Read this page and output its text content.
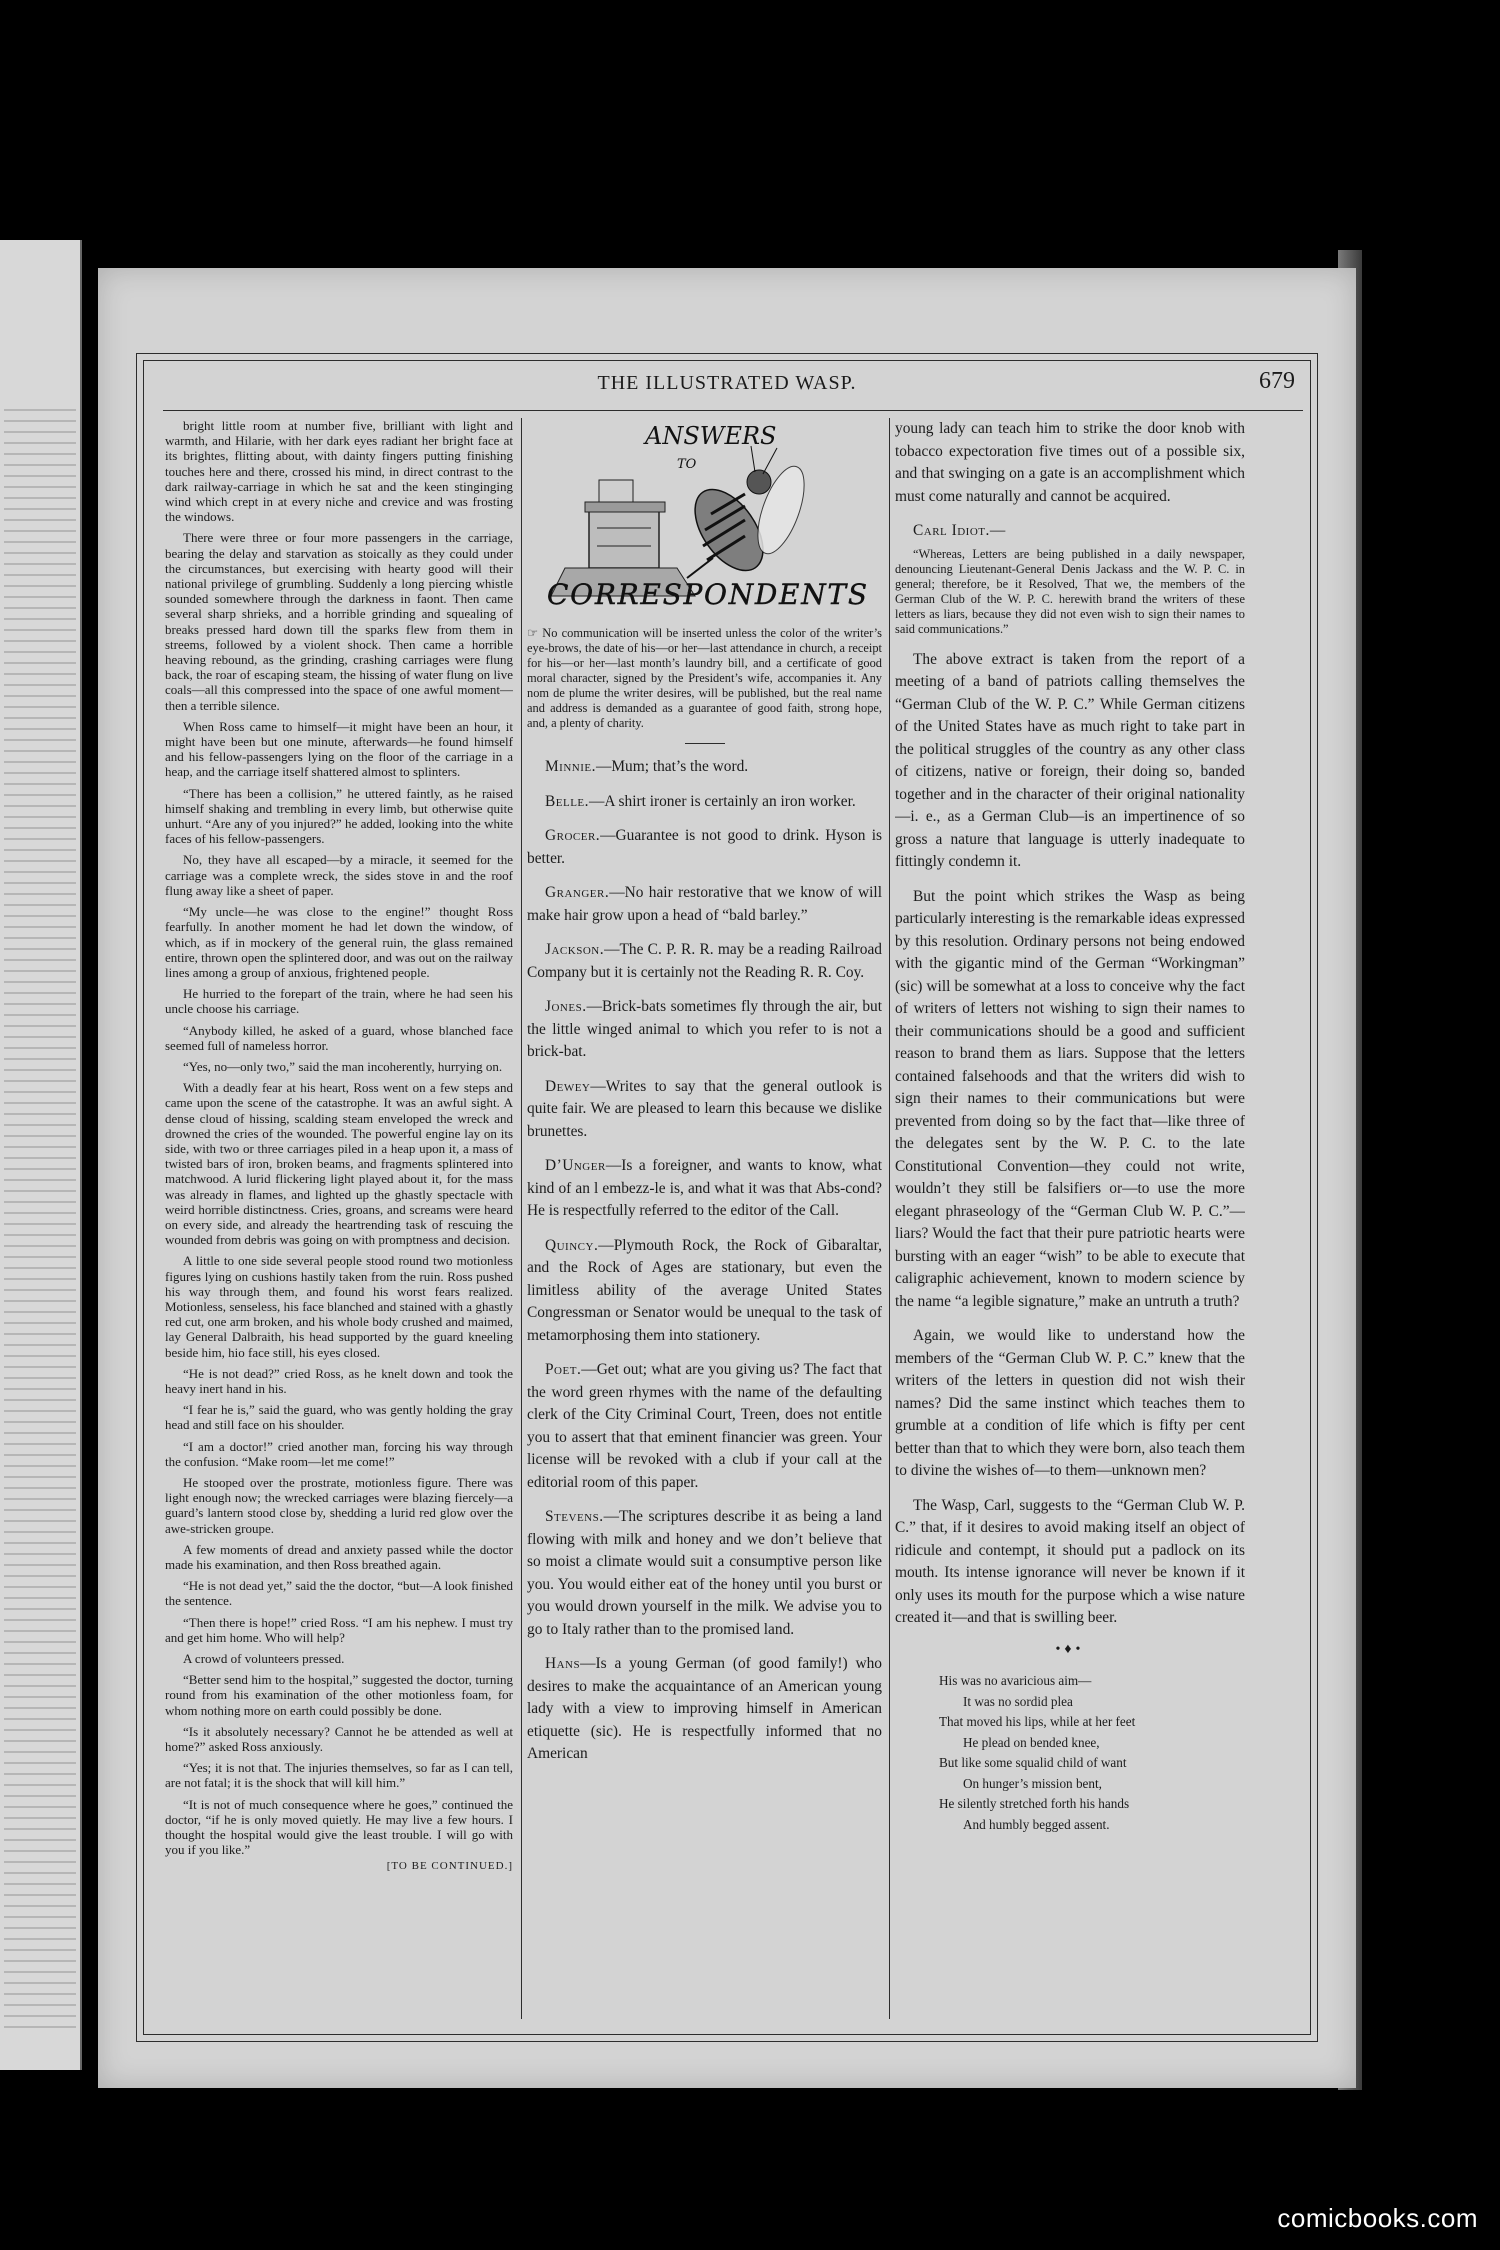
THE ILLUSTRATED WASP.	679

bright little room at number five, brilliant with light and warmth, and Hilarie, with her dark eyes radiant her bright face at its brightes, flitting about, with dainty fingers putting finishing touches here and there, crossed his mind, in direct contrast to the dark railway-carriage in which he sat and the keen stinginging wind which crept in at every niche and crevice and was frosting the windows.

There were three or four more passengers in the carriage, bearing the delay and starvation as stoically as they could under the circumstances, but exercising with hearty good will their national privilege of grumbling. Suddenly a long piercing whistle sounded somewhere through the darkness in faont. Then came several sharp shrieks, and a horrible grinding and squealing of breaks pressed hard down till the sparks flew from them in streems, followed by a violent shock. Then came a horrible heaving rebound, as the grinding, crashing carriages were flung back, the roar of escaping steam, the hissing of water flung on live coals—all this compressed into the space of one awful moment—then a terrible silence.

When Ross came to himself—it might have been an hour, it might have been but one minute, afterwards—he found himself and his fellow-passengers lying on the floor of the carriage in a heap, and the carriage itself shattered almost to splinters.

“There has been a collision,” he uttered faintly, as he raised himself shaking and trembling in every limb, but otherwise quite unhurt. “Are any of you injured?” he added, looking into the white faces of his fellow-passengers.

No, they have all escaped—by a miracle, it seemed for the carriage was a complete wreck, the sides stove in and the roof flung away like a sheet of paper.

“My uncle—he was close to the engine!” thought Ross fearfully. In another moment he had let down the window, of which, as if in mockery of the general ruin, the glass remained entire, thrown open the splintered door, and was out on the railway lines among a group of anxious, frightened people.

He hurried to the forepart of the train, where he had seen his uncle choose his carriage.

“Anybody killed, he asked of a guard, whose blanched face seemed full of nameless horror.

“Yes, no—only two,” said the man incoherently, hurrying on.

With a deadly fear at his heart, Ross went on a few steps and came upon the scene of the catastrophe. It was an awful sight. A dense cloud of hissing, scalding steam enveloped the wreck and drowned the cries of the wounded. The powerful engine lay on its side, with two or three carriages piled in a heap upon it, a mass of twisted bars of iron, broken beams, and fragments splintered into matchwood. A lurid flickering light played about it, for the mass was already in flames, and lighted up the ghastly spectacle with weird horrible distinctness. Cries, groans, and screams were heard on every side, and already the heartrending task of rescuing the wounded from debris was going on with promptness and decision.

A little to one side several people stood round two motionless figures lying on cushions hastily taken from the ruin. Ross pushed his way through them, and found his worst fears realized. Motionless, senseless, his face blanched and stained with a ghastly red cut, one arm broken, and his whole body crushed and maimed, lay General Dalbraith, his head supported by the guard kneeling beside him, hio face still, his eyes closed.

“He is not dead?” cried Ross, as he knelt down and took the heavy inert hand in his.

“I fear he is,” said the guard, who was gently holding the gray head and still face on his shoulder.

“I am a doctor!” cried another man, forcing his way through the confusion. “Make room—let me come!”

He stooped over the prostrate, motionless figure. There was light enough now; the wrecked carriages were blazing fiercely—a guard’s lantern stood close by, shedding a lurid red glow over the awe-stricken groupe.

A few moments of dread and anxiety passed while the doctor made his examination, and then Ross breathed again.

“He is not dead yet,” said the the doctor, “but—A look finished the sentence.

“Then there is hope!” cried Ross. “I am his nephew. I must try and get him home. Who will help?

A crowd of volunteers pressed.

“Better send him to the hospital,” suggested the doctor, turning round from his examination of the other motionless foam, for whom nothing more on earth could possibly be done.

“Is it absolutely necessary? Cannot he be attended as well at home?” asked Ross anxiously.

“Yes; it is not that. The injuries themselves, so far as I can tell, are not fatal; it is the shock that will kill him.”

“It is not of much consequence where he goes,” continued the doctor, “if he is only moved quietly. He may live a few hours. I thought the hospital would give the least trouble. I will go with you if you like.”

[TO BE CONTINUED.]
ANSWERS
TO
CORRESPONDENTS

☞ No communication will be inserted unless the color of the writer’s eye-brows, the date of his—or her—last attendance in church, a receipt for his—or her—last month’s laundry bill, and a certificate of good moral character, signed by the President’s wife, accompanies it. Any nom de plume the writer desires, will be published, but the real name and address is demanded as a guarantee of good faith, strong hope, and, a plenty of charity.

Minnie.—Mum; that’s the word.

Belle.—A shirt ironer is certainly an iron worker.

Grocer.—Guarantee is not good to drink. Hyson is better.

Granger.—No hair restorative that we know of will make hair grow upon a head of “bald barley.”

Jackson.—The C. P. R. R. may be a reading Railroad Company but it is certainly not the Reading R. R. Coy.

Jones.—Brick-bats sometimes fly through the air, but the little winged animal to which you refer to is not a brick-bat.

Dewey—Writes to say that the general outlook is quite fair. We are pleased to learn this because we dislike brunettes.

D’Unger—Is a foreigner, and wants to know, what kind of an l embezz-le is, and what it was that Abs-cond? He is respectfully referred to the editor of the Call.

Quincy.—Plymouth Rock, the Rock of Gibaraltar, and the Rock of Ages are stationary, but even the limitless ability of the average United States Congressman or Senator would be unequal to the task of metamorphosing them into stationery.

Poet.—Get out; what are you giving us? The fact that the word green rhymes with the name of the defaulting clerk of the City Criminal Court, Treen, does not entitle you to assert that that eminent financier was green. Your license will be revoked with a club if your call at the editorial room of this paper.

Stevens.—The scriptures describe it as being a land flowing with milk and honey and we don’t believe that so moist a climate would suit a consumptive person like you. You would either eat of the honey until you burst or you would drown yourself in the milk. We advise you to go to Italy rather than to the promised land.

Hans—Is a young German (of good family!) who desires to make the acquaintance of an American young lady with a view to improving himself in American etiquette (sic). He is respectfully informed that no American

young lady can teach him to strike the door knob with tobacco expectoration five times out of a possible six, and that swinging on a gate is an accomplishment which must come naturally and cannot be acquired.

Carl Idiot.—

“Whereas, Letters are being published in a daily newspaper, denouncing Lieutenant-General Denis Jackass and the W. P. C. in general; therefore, be it Resolved, That we, the members of the German Club of the W. P. C. herewith brand the writers of these letters as liars, because they did not even wish to sign their names to said communications.”

The above extract is taken from the report of a meeting of a band of patriots calling themselves the “German Club of the W. P. C.” While German citizens of the United States have as much right to take part in the political struggles of the country as any other class of citizens, native or foreign, their doing so, banded together and in the character of their original nationality—i. e., as a German Club—is an impertinence of so gross a nature that language is utterly inadequate to fittingly condemn it.

But the point which strikes the Wasp as being particularly interesting is the remarkable ideas expressed by this resolution. Ordinary persons not being endowed with the gigantic mind of the German “Workingman” (sic) will be somewhat at a loss to conceive why the fact of writers of letters not wishing to sign their names to their communications should be a good and sufficient reason to brand them as liars. Suppose that the letters contained falsehoods and that the writers did wish to sign their names to their communications but were prevented from doing so by the fact that—like three of the delegates sent by the W. P. C. to the late Constitutional Convention—they could not write, wouldn’t they still be falsifiers or—to use the more elegant phraseology of the “German Club W. P. C.”—liars? Would the fact that their pure patriotic hearts were bursting with an eager “wish” to be able to execute that caligraphic achievement, known to modern science by the name “a legible signature,” make an untruth a truth?

Again, we would like to understand how the members of the “German Club W. P. C.” knew that the writers of the letters in question did not wish their names? Did the same instinct which teaches them to grumble at a condition of life which is fifty per cent better than that to which they were born, also teach them to divine the wishes of—to them—unknown men?

The Wasp, Carl, suggests to the “German Club W. P. C.” that, if it desires to avoid making itself an object of ridicule and contempt, it should put a padlock on its mouth. Its intense ignorance will never be known if it only uses its mouth for the purpose which a wise nature created it—and that is swilling beer.

•♦•
His was no avaricious aim—
It was no sordid plea
That moved his lips, while at her feet
He plead on bended knee,
But like some squalid child of want
On hunger’s mission bent,
He silently stretched forth his hands
And humbly begged assent.
comicbooks.com
